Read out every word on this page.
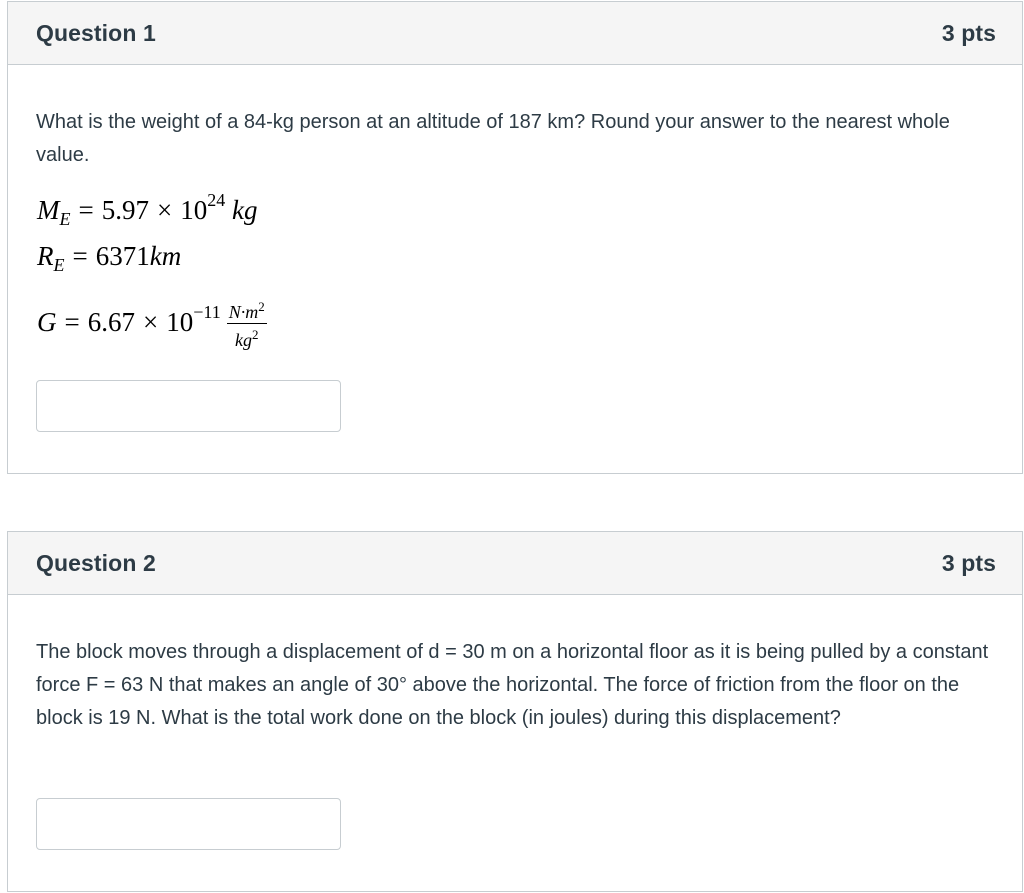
Question 1	3 pts
What is the weight of a 84-kg person at an altitude of 187 km? Round your answer to the nearest whole value.
$M_E = 5.97 \times 10^{24}$ kg
$R_E = 6371km$
$G = 6.67 \times 10^{-11} \frac{N\cdot m^2}{kg^2}$
Question 2	3 pts
The block moves through a displacement of d = 30 m on a horizontal floor as it is being pulled by a constant force F = 63 N that makes an angle of 30° above the horizontal. The force of friction from the floor on the block is 19 N. What is the total work done on the block (in joules) during this displacement?
